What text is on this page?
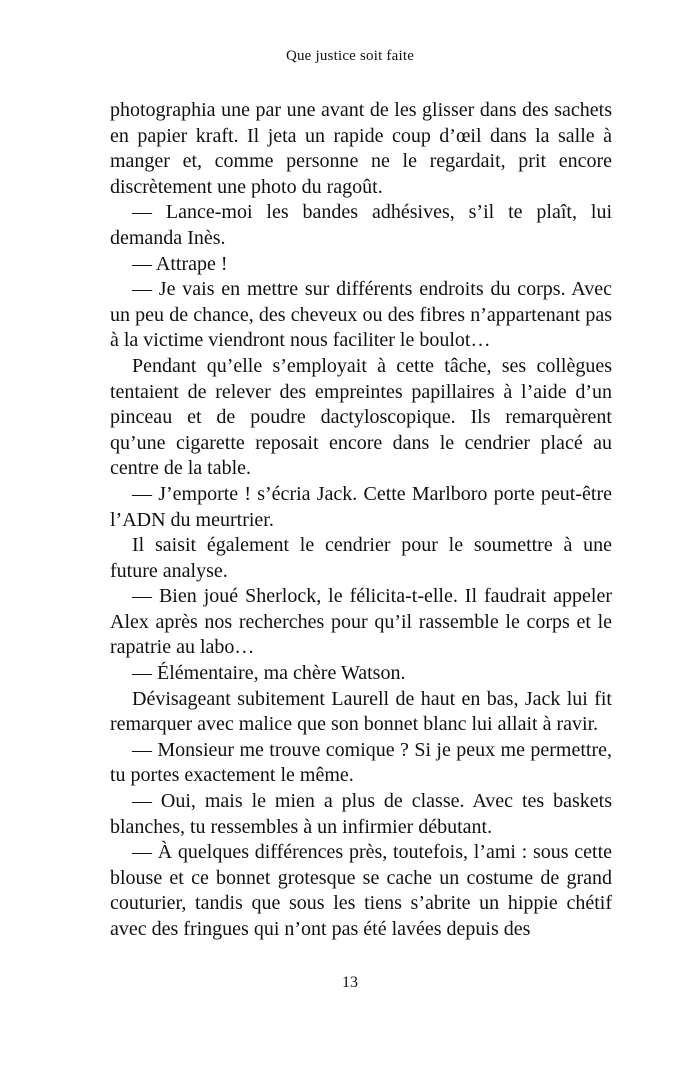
Que justice soit faite

photographia une par une avant de les glisser dans des sachets en papier kraft. Il jeta un rapide coup d’œil dans la salle à manger et, comme personne ne le regardait, prit encore discrètement une photo du ragoût.

— Lance-moi les bandes adhésives, s’il te plaît, lui demanda Inès.

— Attrape !

— Je vais en mettre sur différents endroits du corps. Avec un peu de chance, des cheveux ou des fibres n’appartenant pas à la victime viendront nous faciliter le boulot…

Pendant qu’elle s’employait à cette tâche, ses collègues tentaient de relever des empreintes papillaires à l’aide d’un pinceau et de poudre dactyloscopique. Ils remarquèrent qu’une cigarette reposait encore dans le cendrier placé au centre de la table.

— J’emporte ! s’écria Jack. Cette Marlboro porte peut-être l’ADN du meurtrier.

Il saisit également le cendrier pour le soumettre à une future analyse.

— Bien joué Sherlock, le félicita-t-elle. Il faudrait appeler Alex après nos recherches pour qu’il rassemble le corps et le rapatrie au labo…

— Élémentaire, ma chère Watson.

Dévisageant subitement Laurell de haut en bas, Jack lui fit remarquer avec malice que son bonnet blanc lui allait à ravir.

— Monsieur me trouve comique ? Si je peux me permettre, tu portes exactement le même.

— Oui, mais le mien a plus de classe. Avec tes baskets blanches, tu ressembles à un infirmier débutant.

— À quelques différences près, toutefois, l’ami : sous cette blouse et ce bonnet grotesque se cache un costume de grand couturier, tandis que sous les tiens s’abrite un hippie chétif avec des fringues qui n’ont pas été lavées depuis des

13
